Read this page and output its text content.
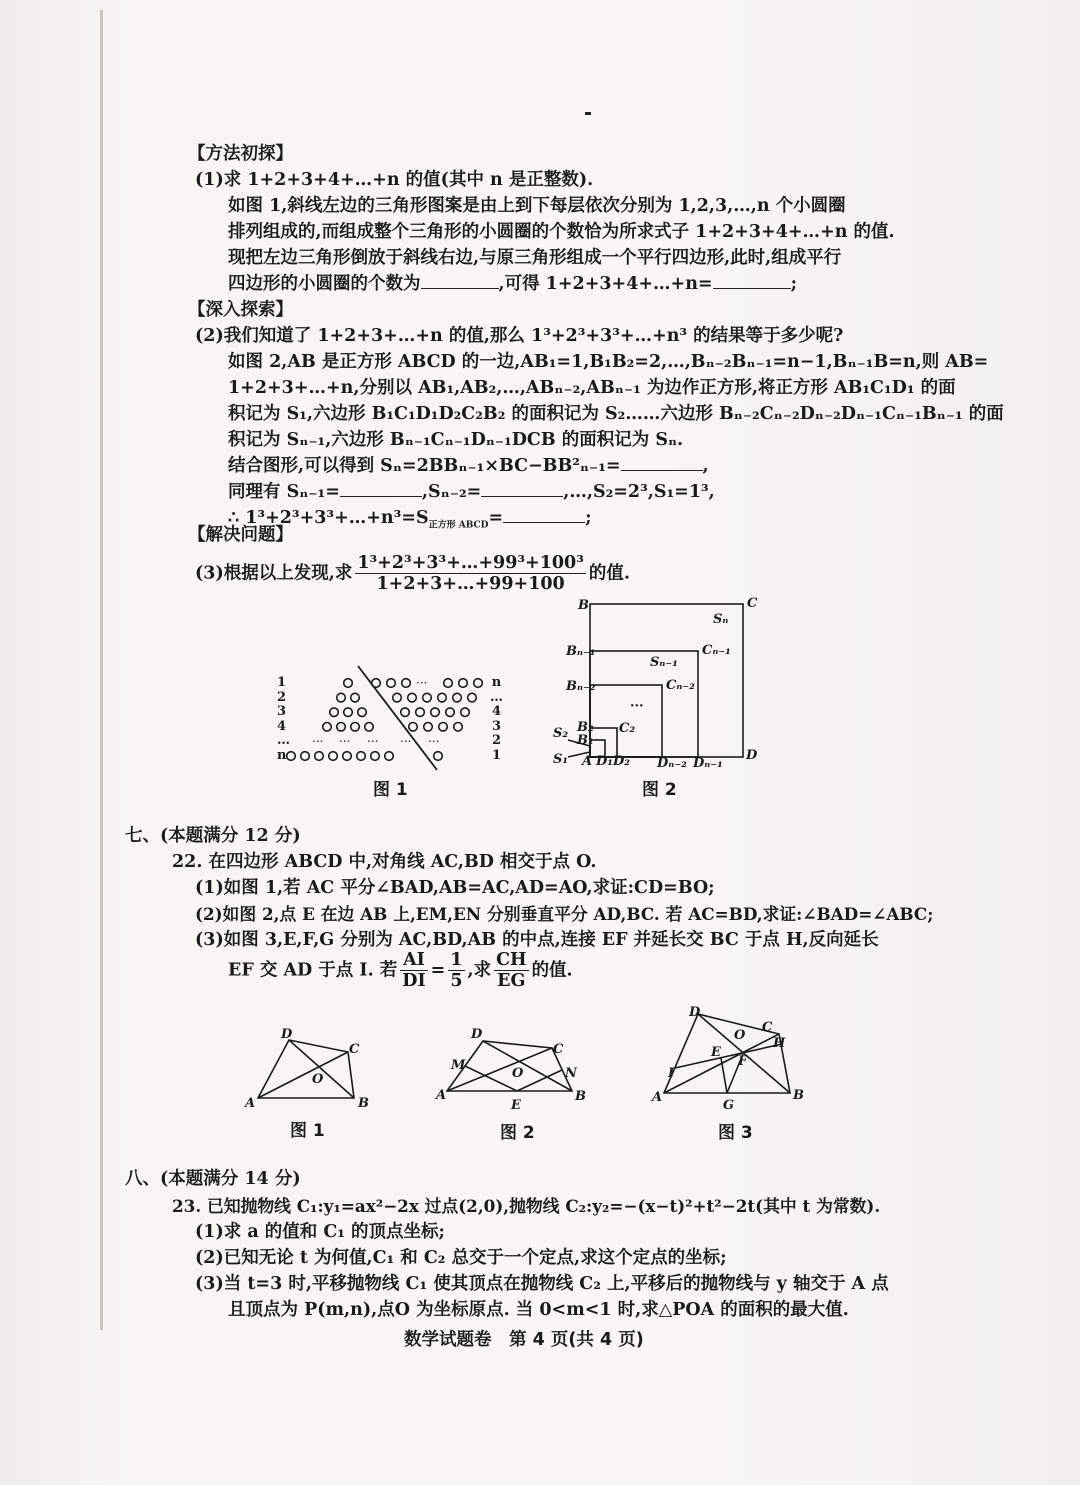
【方法初探】
(1)求 1+2+3+4+…+n 的值(其中 n 是正整数).
如图 1,斜线左边的三角形图案是由上到下每层依次分别为 1,2,3,…,n 个小圆圈
排列组成的,而组成整个三角形的小圆圈的个数恰为所求式子 1+2+3+4+…+n 的值.
现把左边三角形倒放于斜线右边,与原三角形组成一个平行四边形,此时,组成平行
四边形的小圆圈的个数为	,可得 1+2+3+4+…+n=	;
【深入探索】
(2)我们知道了 1+2+3+…+n 的值,那么 1³+2³+3³+…+n³ 的结果等于多少呢?
如图 2,AB 是正方形 ABCD 的一边,AB₁=1,B₁B₂=2,…,Bₙ₋₂Bₙ₋₁=n−1,Bₙ₋₁B=n,则 AB=
1+2+3+…+n,分别以 AB₁,AB₂,…,ABₙ₋₂,ABₙ₋₁ 为边作正方形,将正方形 AB₁C₁D₁ 的面
积记为 S₁,六边形 B₁C₁D₁D₂C₂B₂ 的面积记为 S₂……六边形 Bₙ₋₂Cₙ₋₂Dₙ₋₂Dₙ₋₁Cₙ₋₁Bₙ₋₁ 的面
积记为 Sₙ₋₁,六边形 Bₙ₋₁Cₙ₋₁Dₙ₋₁DCB 的面积记为 Sₙ.
结合图形,可以得到 Sₙ=2BBₙ₋₁×BC−BB²ₙ₋₁=	,
同理有 Sₙ₋₁=	,Sₙ₋₂=	,…,S₂=2³,S₁=1³,
∴ $1^3+2^3+3^3+\dots+n^3=S_{正方形 ABCD}=$	;
【解决问题】
(3)根据以上发现,求 $\frac{\text{1³+2³+3³+…+99³+100³}}{1+2+3+\dots+99+100}$ 的值.
1
2
3
4
…
n
n
…
4
3
2
1
··· ··· ··· ··· ···
···
图 1
B	C
Sₙ
Bₙ₋₁	Cₙ₋₁
Sₙ₋₁
Bₙ₋₂	Cₙ₋₂
···
B₂ C₂
B₁
S₂
S₁ A D₁ D₂ Dₙ₋₂ Dₙ₋₁
D
图 2
七、(本题满分 12 分)
22. 在四边形 ABCD 中,对角线 AC,BD 相交于点 O.
(1)如图 1,若 AC 平分∠BAD,AB=AC,AD=AO,求证:CD=BO;
(2)如图 2,点 E 在边 AB 上,EM,EN 分别垂直平分 AD,BC. 若 AC=BD,求证:∠BAD=∠ABC;
(3)如图 3,E,F,G 分别为 AC,BD,AB 的中点,连接 EF 并延长交 BC 于点 H,反向延长
EF 交 AD 于点 I. 若 $\frac{AI}{DI} = \frac{1}{5}$ ,求 $\frac{CH}{EG}$ 的值.
D
C
O
A	B
D
C
M
N
O
A	B
E
D
O
C
H
E
F
I
A
G
B
图 1	图 2	图 3
八、(本题满分 14 分)
23. 已知抛物线 C₁:y₁=ax²−2x 过点(2,0),抛物线 C₂:y₂=−(x−t)²+t²−2t(其中 t 为常数).
(1)求 a 的值和 C₁ 的顶点坐标;
(2)已知无论 t 为何值,C₁ 和 C₂ 总交于一个定点,求这个定点的坐标;
(3)当 t=3 时,平移抛物线 C₁ 使其顶点在抛物线 C₂ 上,平移后的抛物线与 y 轴交于 A 点
且顶点为 P(m,n),点O 为坐标原点. 当 0<m<1 时,求△POA 的面积的最大值.
数学试题卷　第 4 页(共 4 页)
